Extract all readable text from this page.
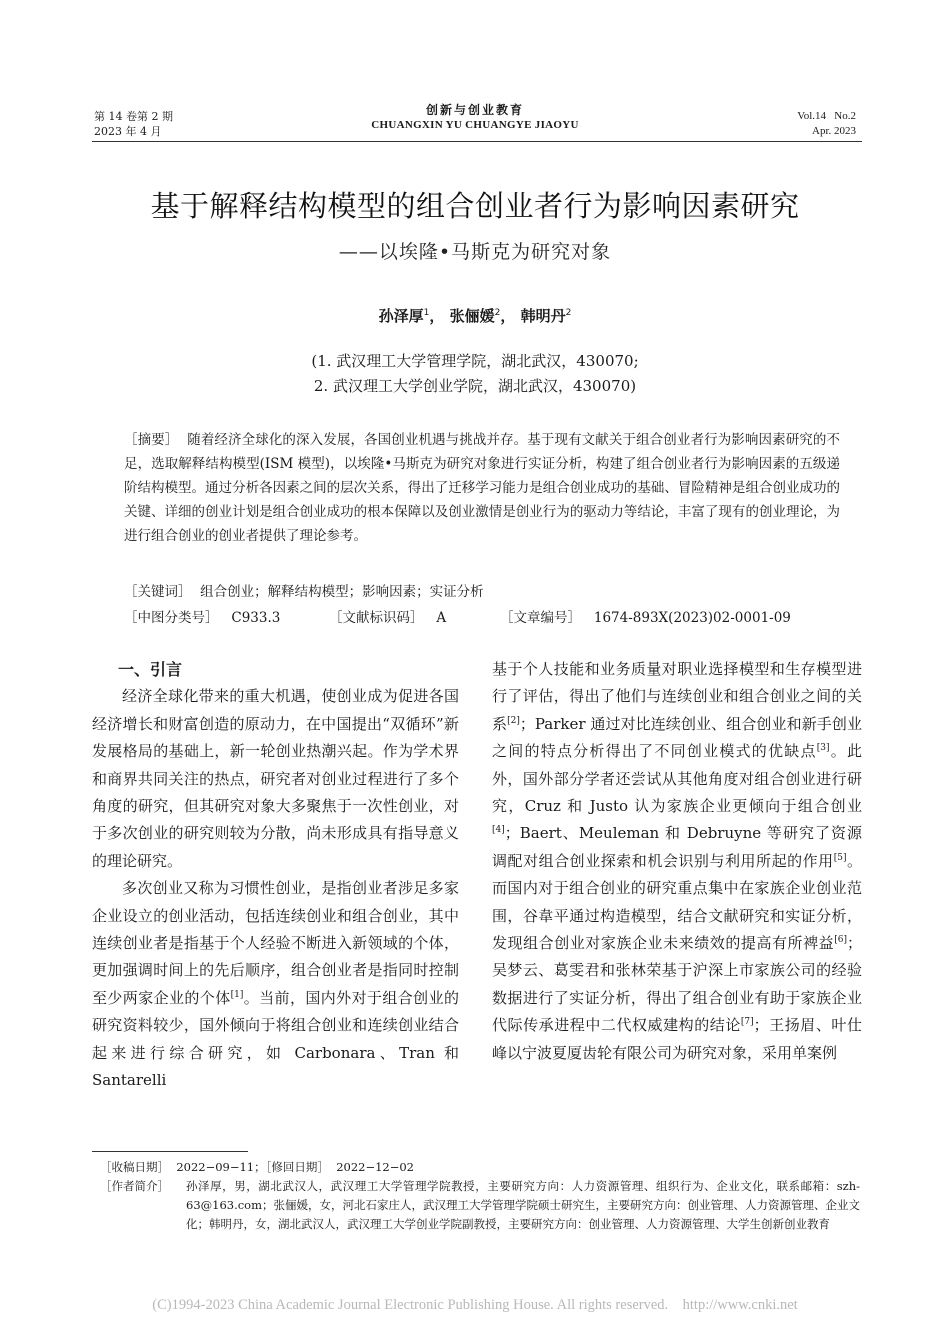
第 14 卷第 2 期
2023 年 4 月
创新与创业教育
CHUANGXIN YU CHUANGYE JIAOYU
Vol.14   No.2
Apr. 2023
基于解释结构模型的组合创业者行为影响因素研究
——以埃隆•马斯克为研究对象
孙泽厚$^1$， 张俪媛$^2$， 韩明丹$^2$
(1. 武汉理工大学管理学院，湖北武汉，430070;
2. 武汉理工大学创业学院，湖北武汉，430070)
［摘要］ 随着经济全球化的深入发展，各国创业机遇与挑战并存。基于现有文献关于组合创业者行为影响因素研究的不足，选取解释结构模型(ISM 模型)，以埃隆•马斯克为研究对象进行实证分析，构建了组合创业者行为影响因素的五级递阶结构模型。通过分析各因素之间的层次关系，得出了迁移学习能力是组合创业成功的基础、冒险精神是组合创业成功的关键、详细的创业计划是组合创业成功的根本保障以及创业激情是创业行为的驱动力等结论，丰富了现有的创业理论，为进行组合创业的创业者提供了理论参考。
［关键词］ 组合创业；解释结构模型；影响因素；实证分析
［中图分类号］ C933.3	［文献标识码］ A	［文章编号］ 1674-893X(2023)02-0001-09
一、引言

经济全球化带来的重大机遇，使创业成为促进各国经济增长和财富创造的原动力，在中国提出“双循环”新发展格局的基础上，新一轮创业热潮兴起。作为学术界和商界共同关注的热点，研究者对创业过程进行了多个角度的研究，但其研究对象大多聚焦于一次性创业，对于多次创业的研究则较为分散，尚未形成具有指导意义的理论研究。

多次创业又称为习惯性创业，是指创业者涉足多家企业设立的创业活动，包括连续创业和组合创业，其中连续创业者是指基于个人经验不断进入新领域的个体，更加强调时间上的先后顺序，组合创业者是指同时控制至少两家企业的个体[1]。当前，国内外对于组合创业的研究资料较少，国外倾向于将组合创业和连续创业结合起来进行综合研究，如 Carbonara、Tran 和 Santarelli

基于个人技能和业务质量对职业选择模型和生存模型进行了评估，得出了他们与连续创业和组合创业之间的关系[2]；Parker 通过对比连续创业、组合创业和新手创业之间的特点分析得出了不同创业模式的优缺点[3]。此外，国外部分学者还尝试从其他角度对组合创业进行研究，Cruz 和 Justo 认为家族企业更倾向于组合创业[4]；Baert、Meuleman 和 Debruyne 等研究了资源调配对组合创业探索和机会识别与利用所起的作用[5]。而国内对于组合创业的研究重点集中在家族企业创业范围，谷韋平通过构造模型，结合文献研究和实证分析，发现组合创业对家族企业未来绩效的提高有所裨益[6]；吴梦云、葛雯君和张林荣基于沪深上市家族公司的经验数据进行了实证分析，得出了组合创业有助于家族企业代际传承进程中二代权威建构的结论[7]；王扬眉、叶仕峰以宁波夏厦齿轮有限公司为研究对象，采用单案例

［收稿日期］ 2022−09−11；［修回日期］ 2022−12−02
［作者简介］ 孙泽厚，男，湖北武汉人，武汉理工大学管理学院教授，主要研究方向：人力资源管理、组织行为、企业文化，联系邮箱：szh-63@163.com；张俪媛，女，河北石家庄人，武汉理工大学管理学院硕士研究生，主要研究方向：创业管理、人力资源管理、企业文化；韩明丹，女，湖北武汉人，武汉理工大学创业学院副教授，主要研究方向：创业管理、人力资源管理、大学生创新创业教育
(C)1994-2023 China Academic Journal Electronic Publishing House. All rights reserved.    http://www.cnki.net
